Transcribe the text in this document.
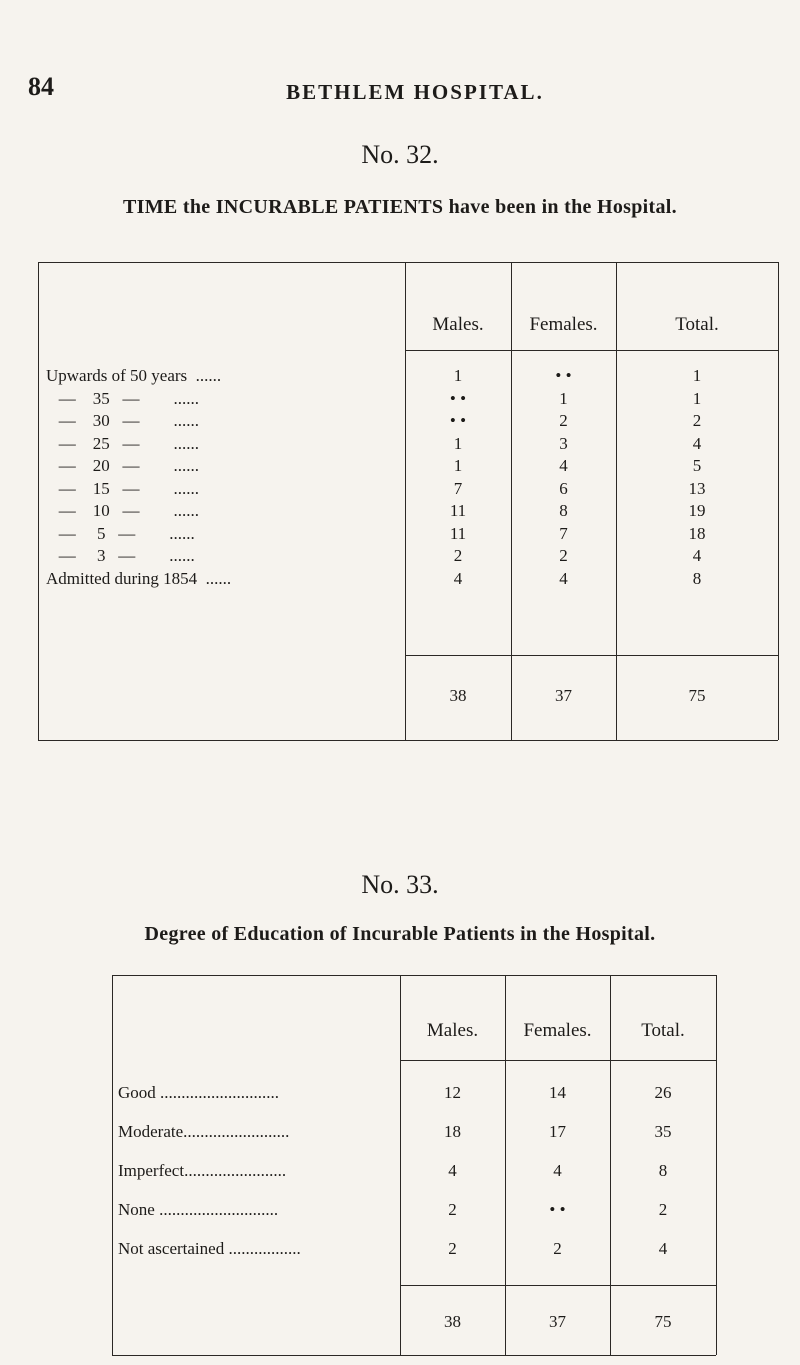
84	BETHLEM HOSPITAL.
No. 32.
TIME the INCURABLE PATIENTS have been in the Hospital.
Males.	Females.	Total.
Upwards of 50 years  ......	1	• •	1
—    35   —        ......	• •	1	1
—    30   —        ......	• •	2	2
—    25   —        ......	1	3	4
—    20   —        ......	1	4	5
—    15   —        ......	7	6	13
—    10   —        ......	11	8	19
—     5   —        ......	11	7	18
—     3   —        ......	2	2	4
Admitted during 1854  ......	4	4	8
38	37	75
No. 33.
Degree of Education of Incurable Patients in the Hospital.
Males.	Females.	Total.
Good ............................	12	14	26
Moderate.........................	18	17	35
Imperfect........................	4	4	8
None ............................	2	• •	2
Not ascertained .................	2	2	4
38	37	75
